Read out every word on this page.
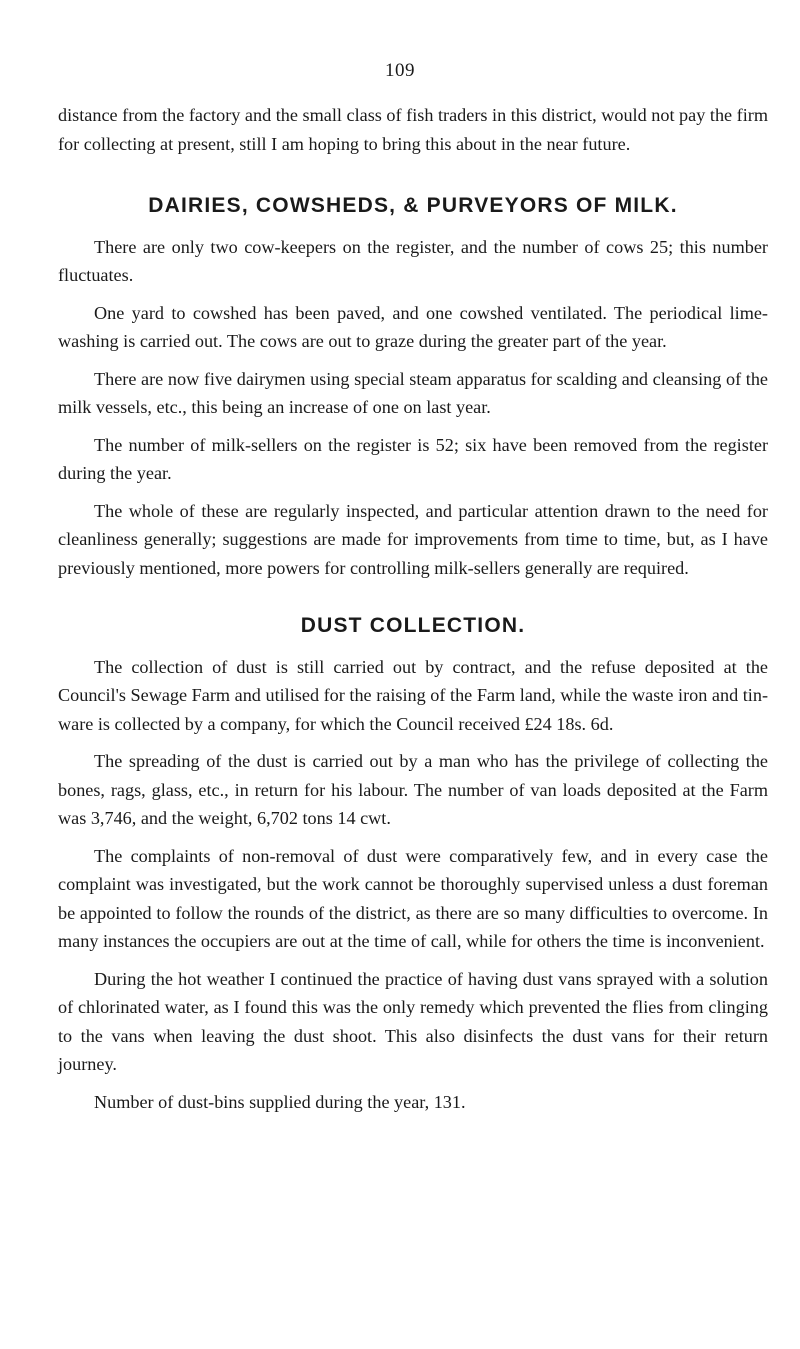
109

distance from the factory and the small class of fish traders in this district, would not pay the firm for collecting at present, still I am hoping to bring this about in the near future.

DAIRIES, COWSHEDS, & PURVEYORS OF MILK.

There are only two cow-keepers on the register, and the number of cows 25; this number fluctuates.

One yard to cowshed has been paved, and one cowshed ventilated. The periodical lime-washing is carried out. The cows are out to graze during the greater part of the year.

There are now five dairymen using special steam apparatus for scalding and cleansing of the milk vessels, etc., this being an increase of one on last year.

The number of milk-sellers on the register is 52; six have been removed from the register during the year.

The whole of these are regularly inspected, and particular attention drawn to the need for cleanliness generally; suggestions are made for improvements from time to time, but, as I have previously mentioned, more powers for controlling milk-sellers generally are required.

DUST COLLECTION.

The collection of dust is still carried out by contract, and the refuse deposited at the Council's Sewage Farm and utilised for the raising of the Farm land, while the waste iron and tin-ware is collected by a company, for which the Council received £24 18s. 6d.

The spreading of the dust is carried out by a man who has the privilege of collecting the bones, rags, glass, etc., in return for his labour. The number of van loads deposited at the Farm was 3,746, and the weight, 6,702 tons 14 cwt.

The complaints of non-removal of dust were comparatively few, and in every case the complaint was investigated, but the work cannot be thoroughly supervised unless a dust foreman be appointed to follow the rounds of the district, as there are so many difficulties to overcome. In many instances the occupiers are out at the time of call, while for others the time is inconvenient.

During the hot weather I continued the practice of having dust vans sprayed with a solution of chlorinated water, as I found this was the only remedy which prevented the flies from clinging to the vans when leaving the dust shoot. This also disinfects the dust vans for their return journey.

Number of dust-bins supplied during the year, 131.
